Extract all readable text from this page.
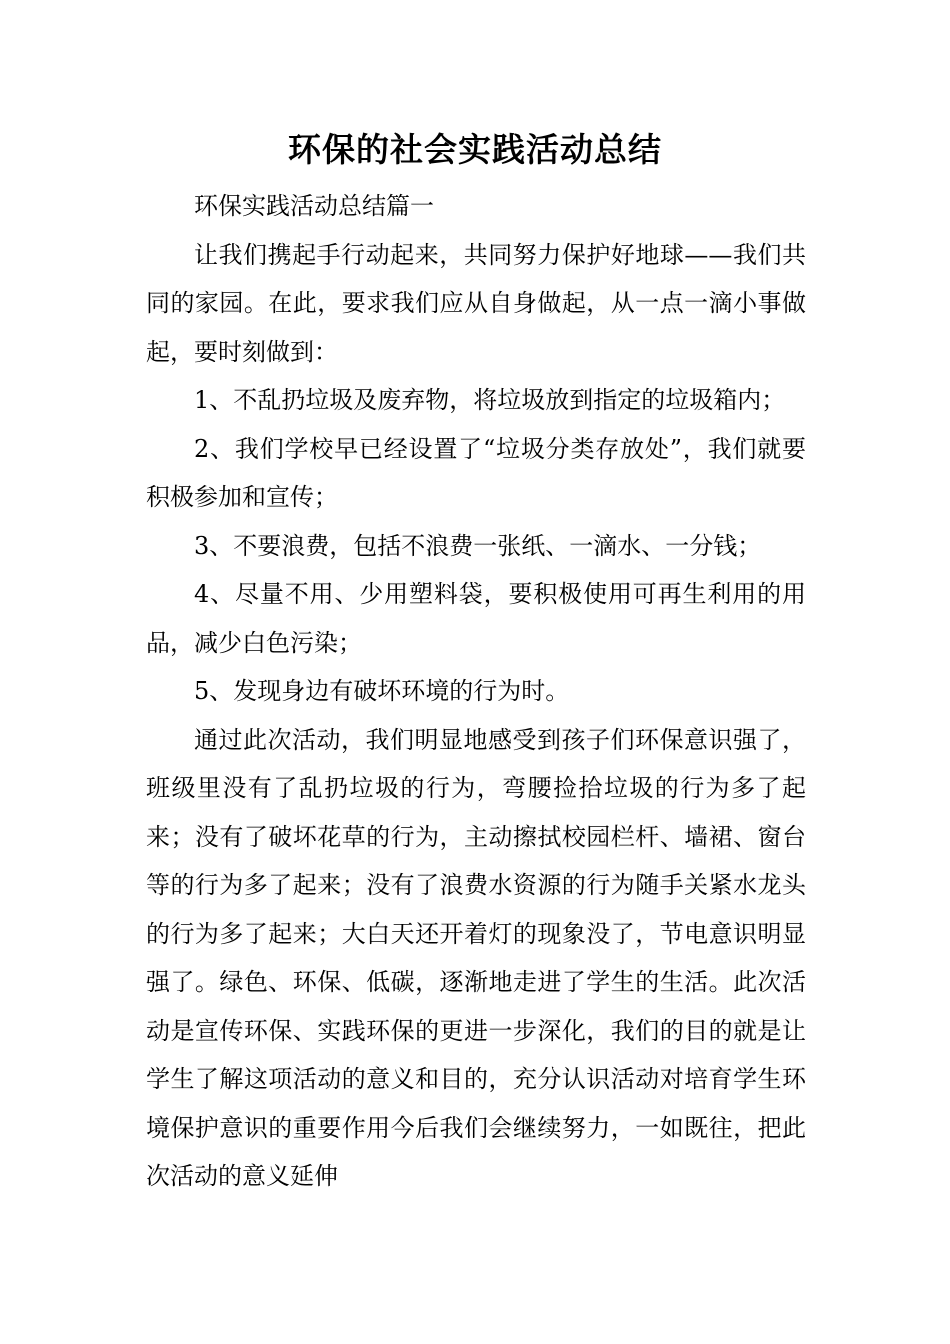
环保的社会实践活动总结

环保实践活动总结篇一

让我们携起手行动起来，共同努力保护好地球——我们共同的家园。在此，要求我们应从自身做起，从一点一滴小事做起，要时刻做到：

1、不乱扔垃圾及废弃物，将垃圾放到指定的垃圾箱内；

2、我们学校早已经设置了“垃圾分类存放处”，我们就要积极参加和宣传；

3、不要浪费，包括不浪费一张纸、一滴水、一分钱；

4、尽量不用、少用塑料袋，要积极使用可再生利用的用品，减少白色污染；

5、发现身边有破坏环境的行为时。

通过此次活动，我们明显地感受到孩子们环保意识强了，班级里没有了乱扔垃圾的行为，弯腰捡拾垃圾的行为多了起来；没有了破坏花草的行为，主动擦拭校园栏杆、墙裙、窗台等的行为多了起来；没有了浪费水资源的行为随手关紧水龙头的行为多了起来；大白天还开着灯的现象没了，节电意识明显强了。绿色、环保、低碳，逐渐地走进了学生的生活。此次活动是宣传环保、实践环保的更进一步深化，我们的目的就是让学生了解这项活动的意义和目的，充分认识活动对培育学生环境保护意识的重要作用今后我们会继续努力，一如既往，把此次活动的意义延伸
